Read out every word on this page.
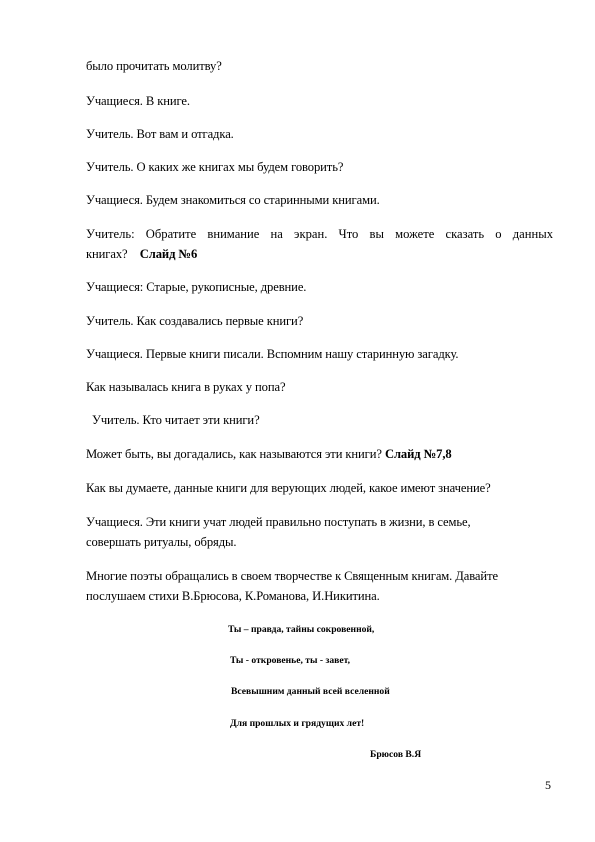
было прочитать молитву?
Учащиеся. В книге.
Учитель. Вот вам и отгадка.
Учитель. О каких же книгах мы будем говорить?
Учащиеся. Будем знакомиться со старинными книгами.
Учитель: Обратите внимание на экран. Что вы можете сказать о данных
книгах? Слайд №6
Учащиеся: Старые, рукописные, древние.
Учитель. Как создавались первые книги?
Учащиеся. Первые книги писали. Вспомним нашу старинную загадку.
Как называлась книга в руках у попа?
Учитель. Кто читает эти книги?
Может быть, вы догадались, как называются эти книги? Слайд №7,8
Как вы думаете, данные книги для верующих людей, какое имеют значение?
Учащиеся. Эти книги учат людей правильно поступать в жизни, в семье,
совершать ритуалы, обряды.
Многие поэты обращались в своем творчестве к Священным книгам. Давайте
послушаем стихи В.Брюсова, К.Романова, И.Никитина.
Ты – правда, тайны сокровенной,
Ты - откровенье, ты - завет,
Всевышним данный всей вселенной
Для прошлых и грядущих лет!
Брюсов В.Я
5
